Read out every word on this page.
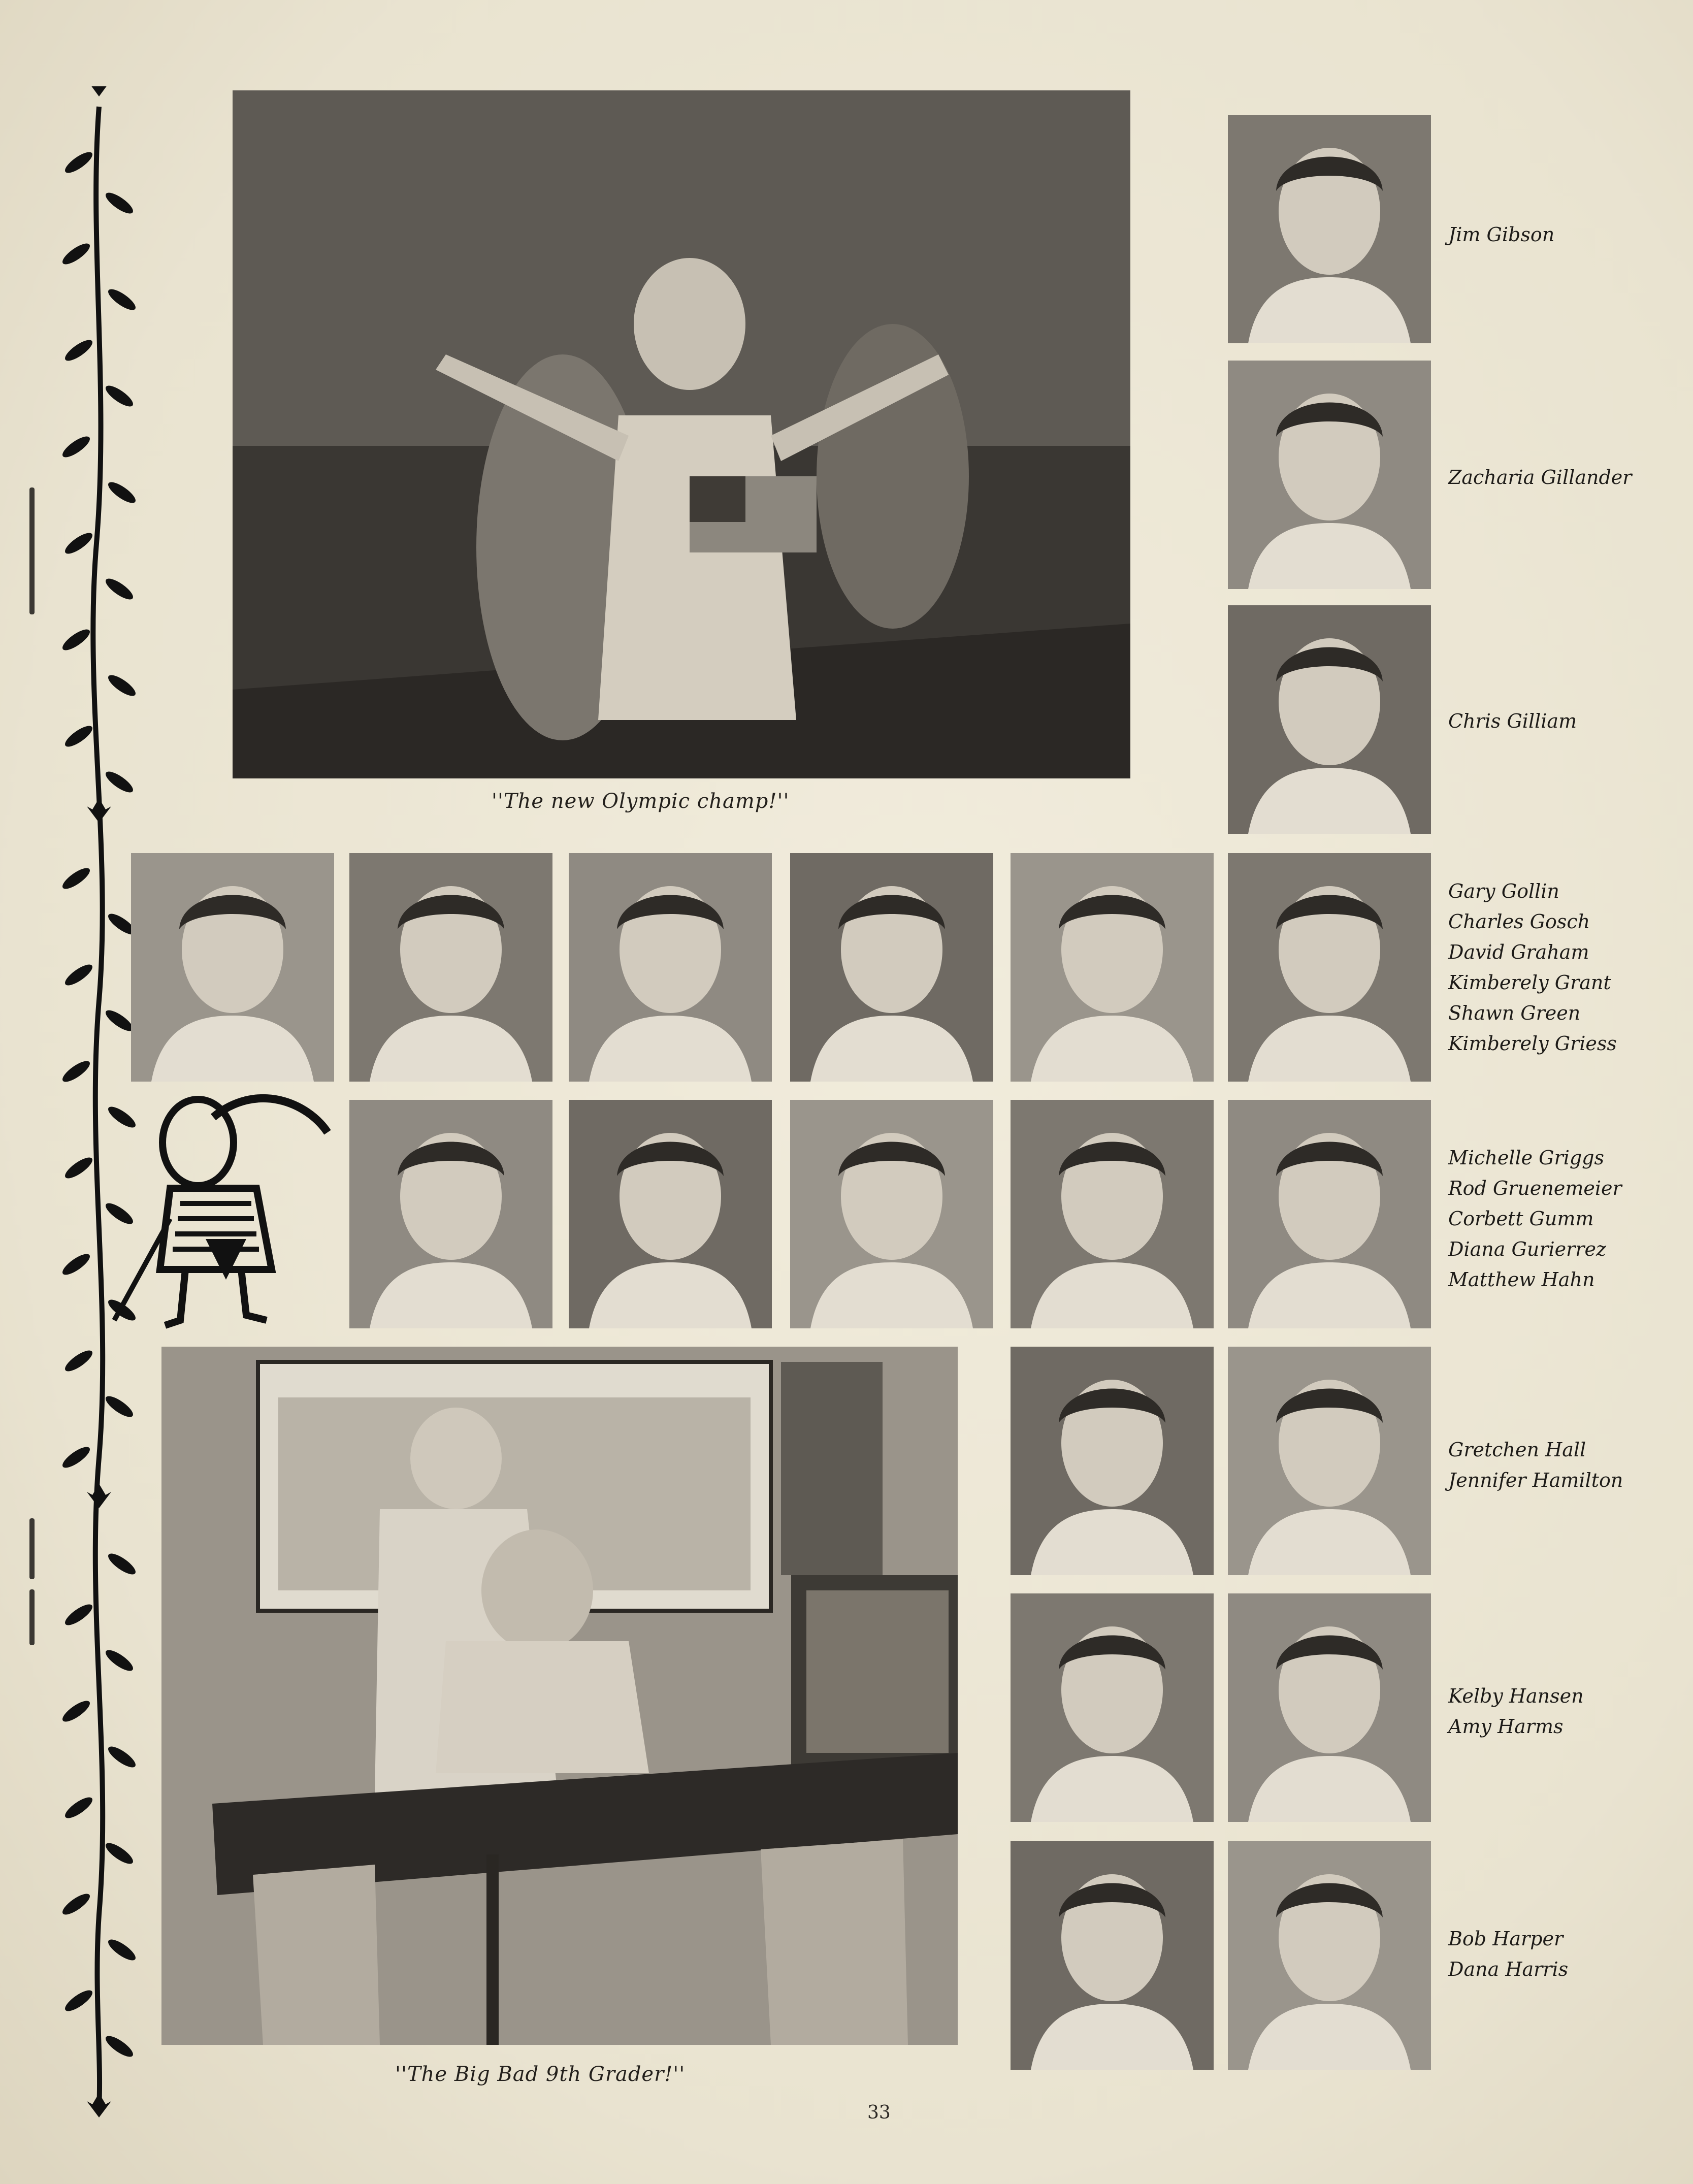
''The new Olympic champ!''
''The Big Bad 9th Grader!''
Jim Gibson
Zacharia Gillander
Chris Gilliam
Gary Gollin
Charles Gosch
David Graham
Kimberely Grant
Shawn Green
Kimberely Griess
Michelle Griggs
Rod Gruenemeier
Corbett Gumm
Diana Gurierrez
Matthew Hahn
Gretchen Hall
Jennifer Hamilton
Kelby Hansen
Amy Harms
Bob Harper
Dana Harris
33
